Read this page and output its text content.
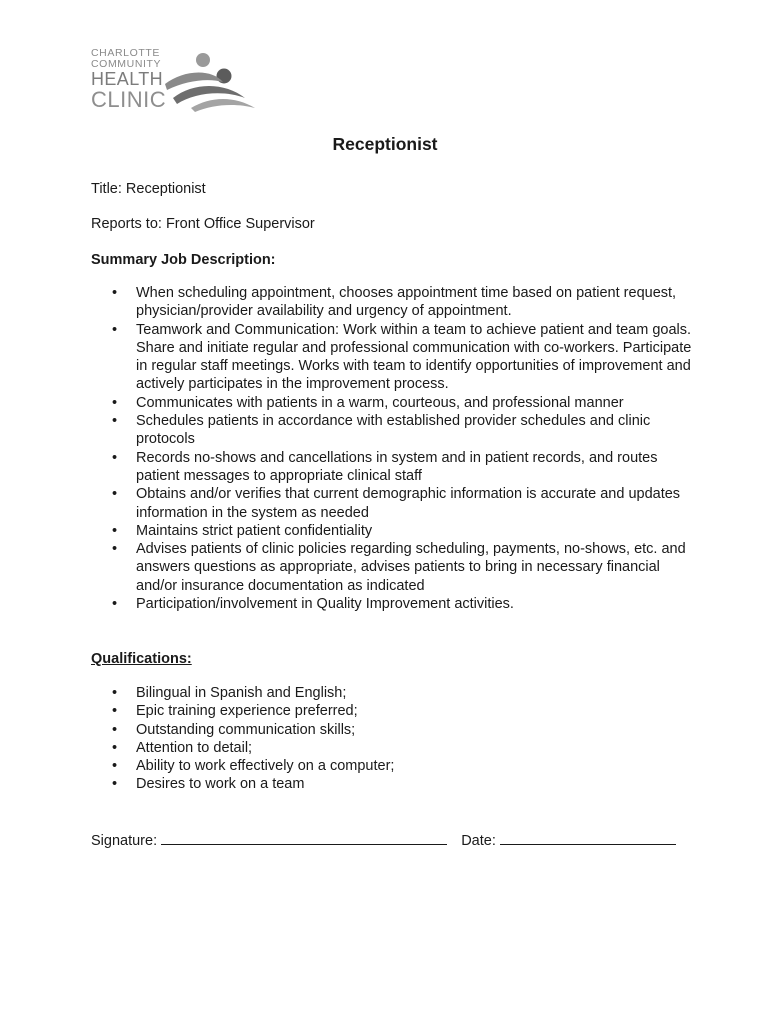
CHARLOTTE
COMMUNITY
HEALTH
CLINIC
Receptionist
Title: Receptionist
Reports to: Front Office Supervisor
Summary Job Description:
• When scheduling appointment, chooses appointment time based on patient request, physician/provider availability and urgency of appointment.
• Teamwork and Communication: Work within a team to achieve patient and team goals. Share and initiate regular and professional communication with co-workers. Participate in regular staff meetings. Works with team to identify opportunities of improvement and actively participates in the improvement process.
• Communicates with patients in a warm, courteous, and professional manner
• Schedules patients in accordance with established provider schedules and clinic protocols
• Records no-shows and cancellations in system and in patient records, and routes patient messages to appropriate clinical staff
• Obtains and/or verifies that current demographic information is accurate and updates information in the system as needed
• Maintains strict patient confidentiality
• Advises patients of clinic policies regarding scheduling, payments, no-shows, etc. and answers questions as appropriate, advises patients to bring in necessary financial and/or insurance documentation as indicated
• Participation/involvement in Quality Improvement activities.
Qualifications:
• Bilingual in Spanish and English;
• Epic training experience preferred;
• Outstanding communication skills;
• Attention to detail;
• Ability to work effectively on a computer;
• Desires to work on a team
Signature:	Date:
